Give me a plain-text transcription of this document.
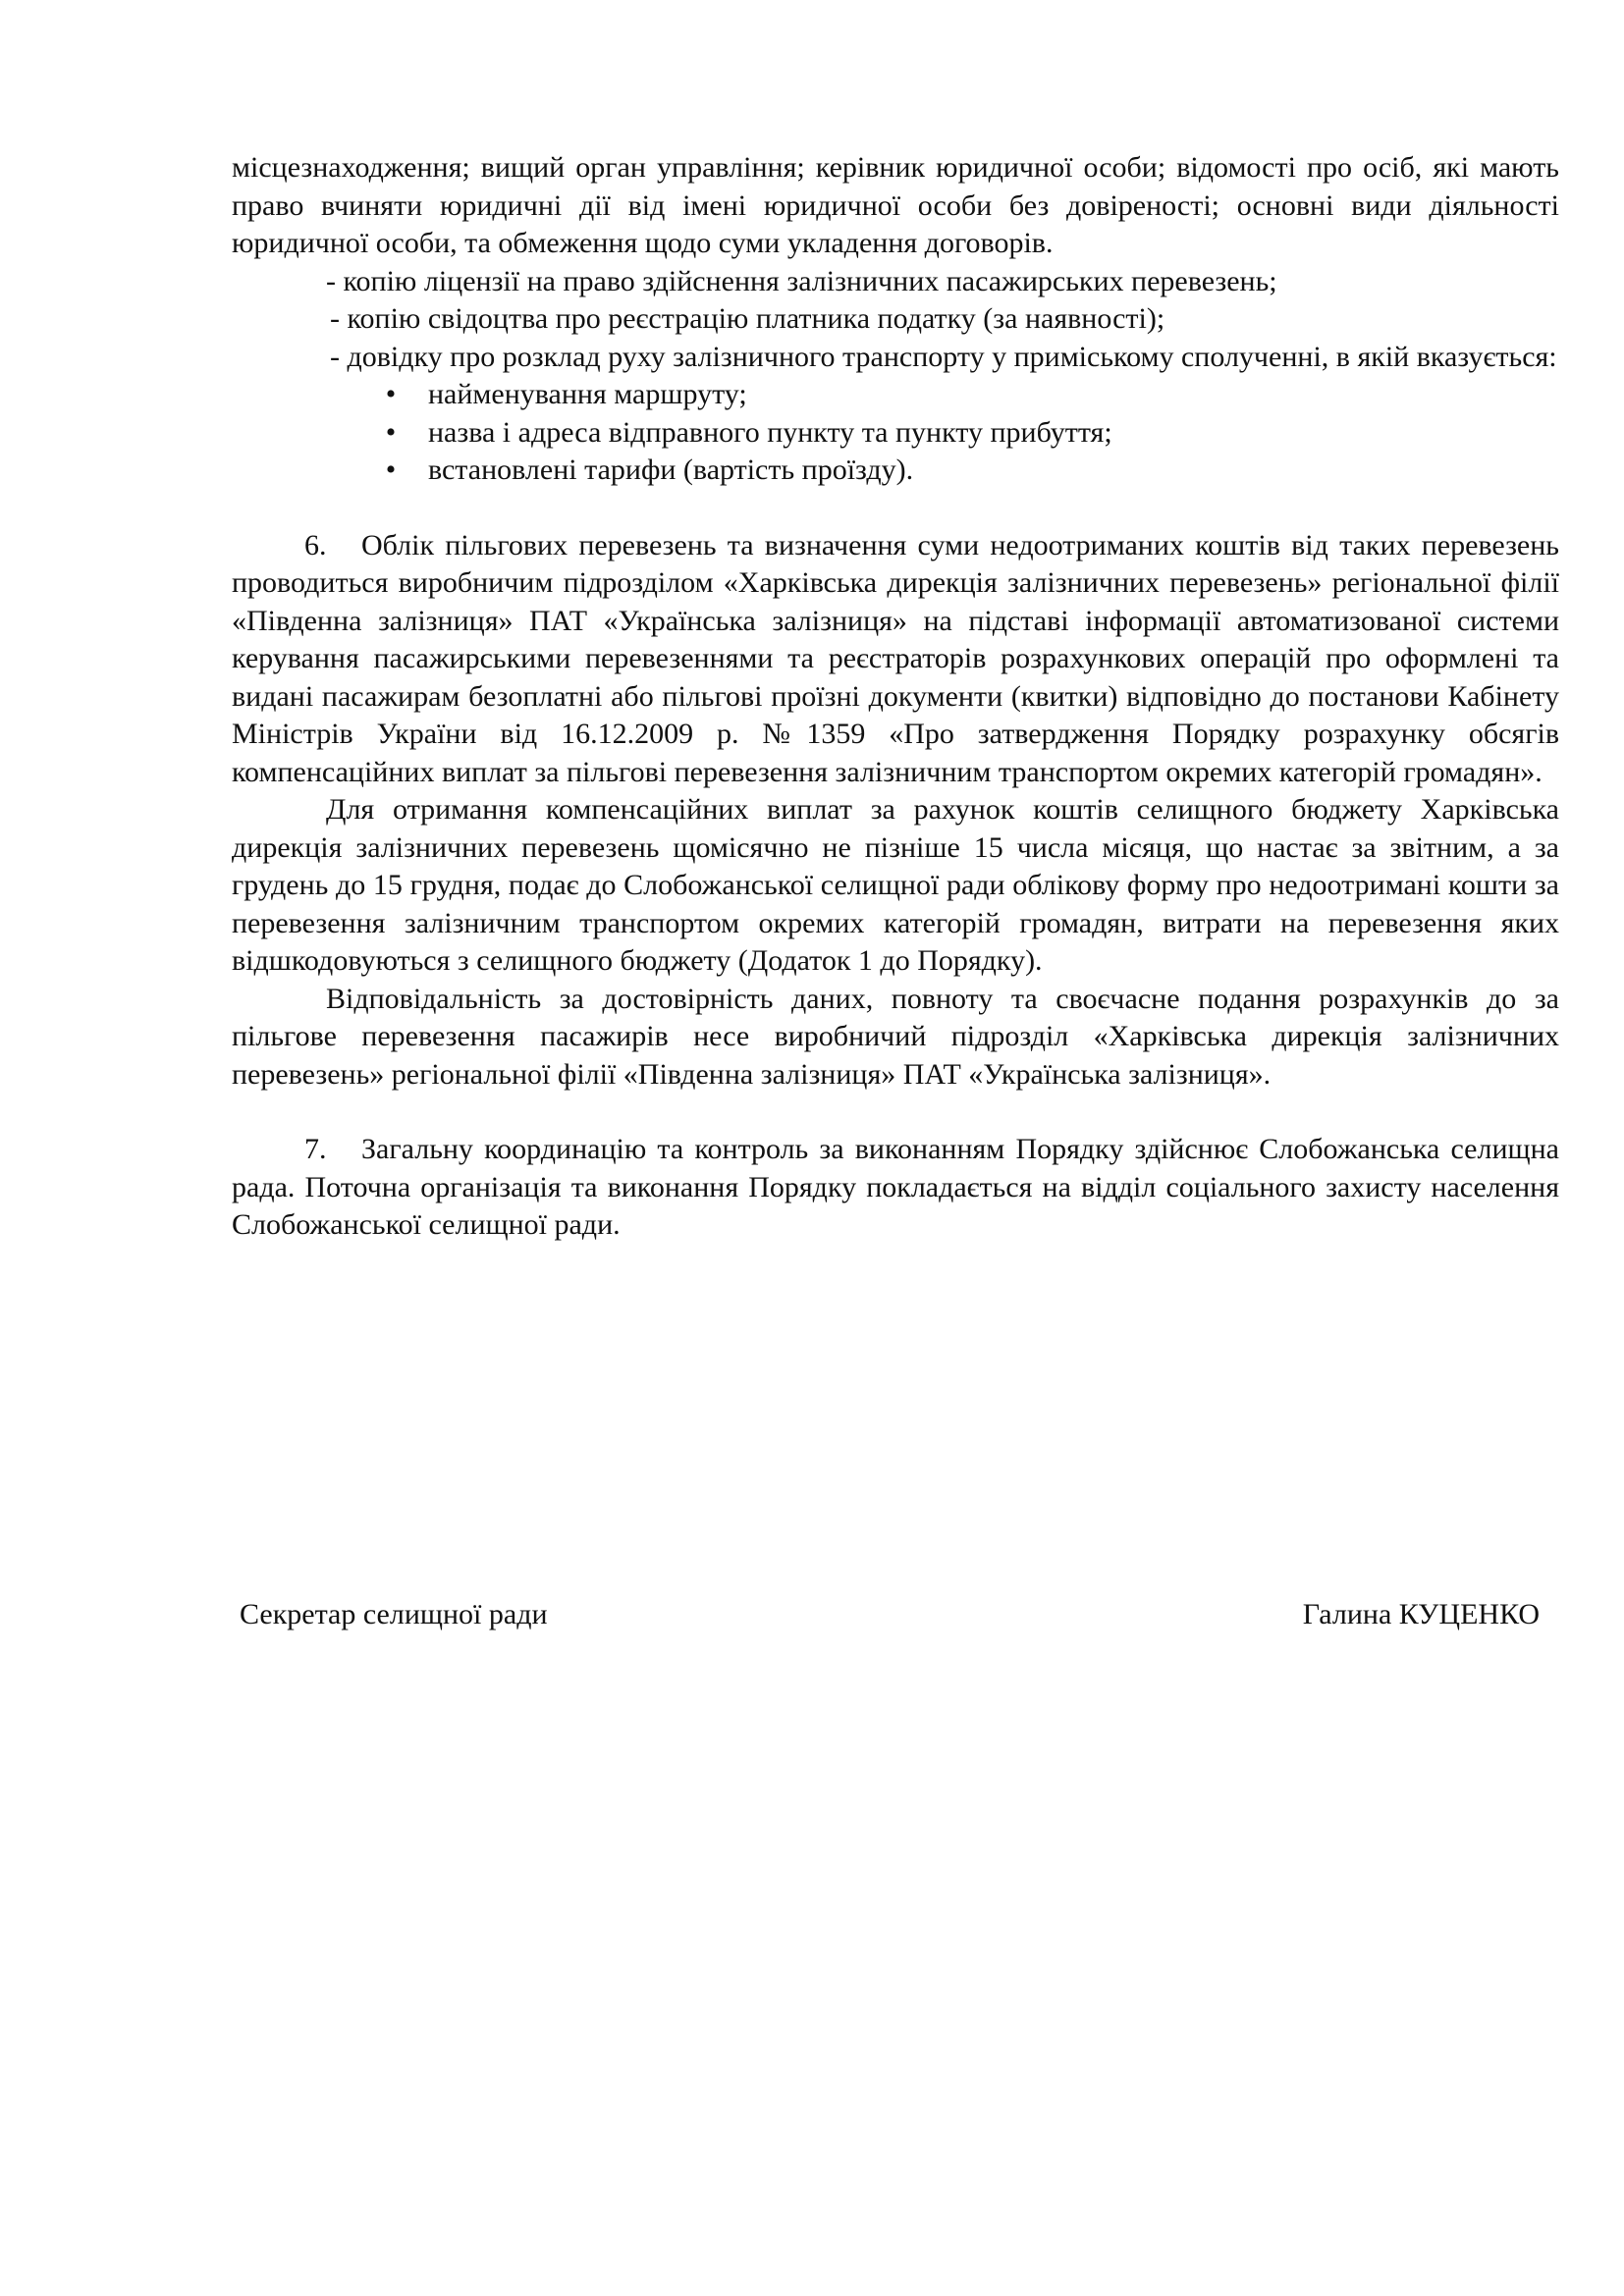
місцезнаходження; вищий орган управління; керівник юридичної особи; відомості про осіб, які мають право вчиняти юридичні дії від імені юридичної особи без довіреності; основні види діяльності юридичної особи, та обмеження щодо суми укладення договорів.

- копію ліцензії на право здійснення залізничних пасажирських перевезень;

- копію свідоцтва про реєстрацію платника податку (за наявності);

- довідку про розклад руху залізничного транспорту у приміському сполученні, в якій вказується:

• найменування маршруту;
• назва і адреса відправного пункту та пункту прибуття;
• встановлені тарифи (вартість проїзду).

6. Облік пільгових перевезень та визначення суми недоотриманих коштів від таких перевезень проводиться виробничим підрозділом «Харківська дирекція залізничних перевезень» регіональної філії «Південна залізниця» ПАТ «Українська залізниця» на підставі інформації автоматизованої системи керування пасажирськими перевезеннями та реєстраторів розрахункових операцій про оформлені та видані пасажирам безоплатні або пільгові проїзні документи (квитки) відповідно до постанови Кабінету Міністрів України від 16.12.2009 р. №1359 «Про затвердження Порядку розрахунку обсягів компенсаційних виплат за пільгові перевезення залізничним транспортом окремих категорій громадян».

Для отримання компенсаційних виплат за рахунок коштів селищного бюджету Харківська дирекція залізничних перевезень щомісячно не пізніше 15 числа місяця, що настає за звітним, а за грудень до 15 грудня, подає до Слобожанської селищної ради облікову форму про недоотримані кошти за перевезення залізничним транспортом окремих категорій громадян, витрати на перевезення яких відшкодовуються з селищного бюджету (Додаток 1 до Порядку).

Відповідальність за достовірність даних, повноту та своєчасне подання розрахунків до за пільгове перевезення пасажирів несе виробничий підрозділ «Харківська дирекція залізничних перевезень» регіональної філії «Південна залізниця» ПАТ «Українська залізниця».

7. Загальну координацію та контроль за виконанням Порядку здійснює Слобожанська селищна рада. Поточна організація та виконання Порядку покладається на відділ соціального захисту населення Слобожанської селищної ради.

Секретар селищної ради	Галина КУЦЕНКО
